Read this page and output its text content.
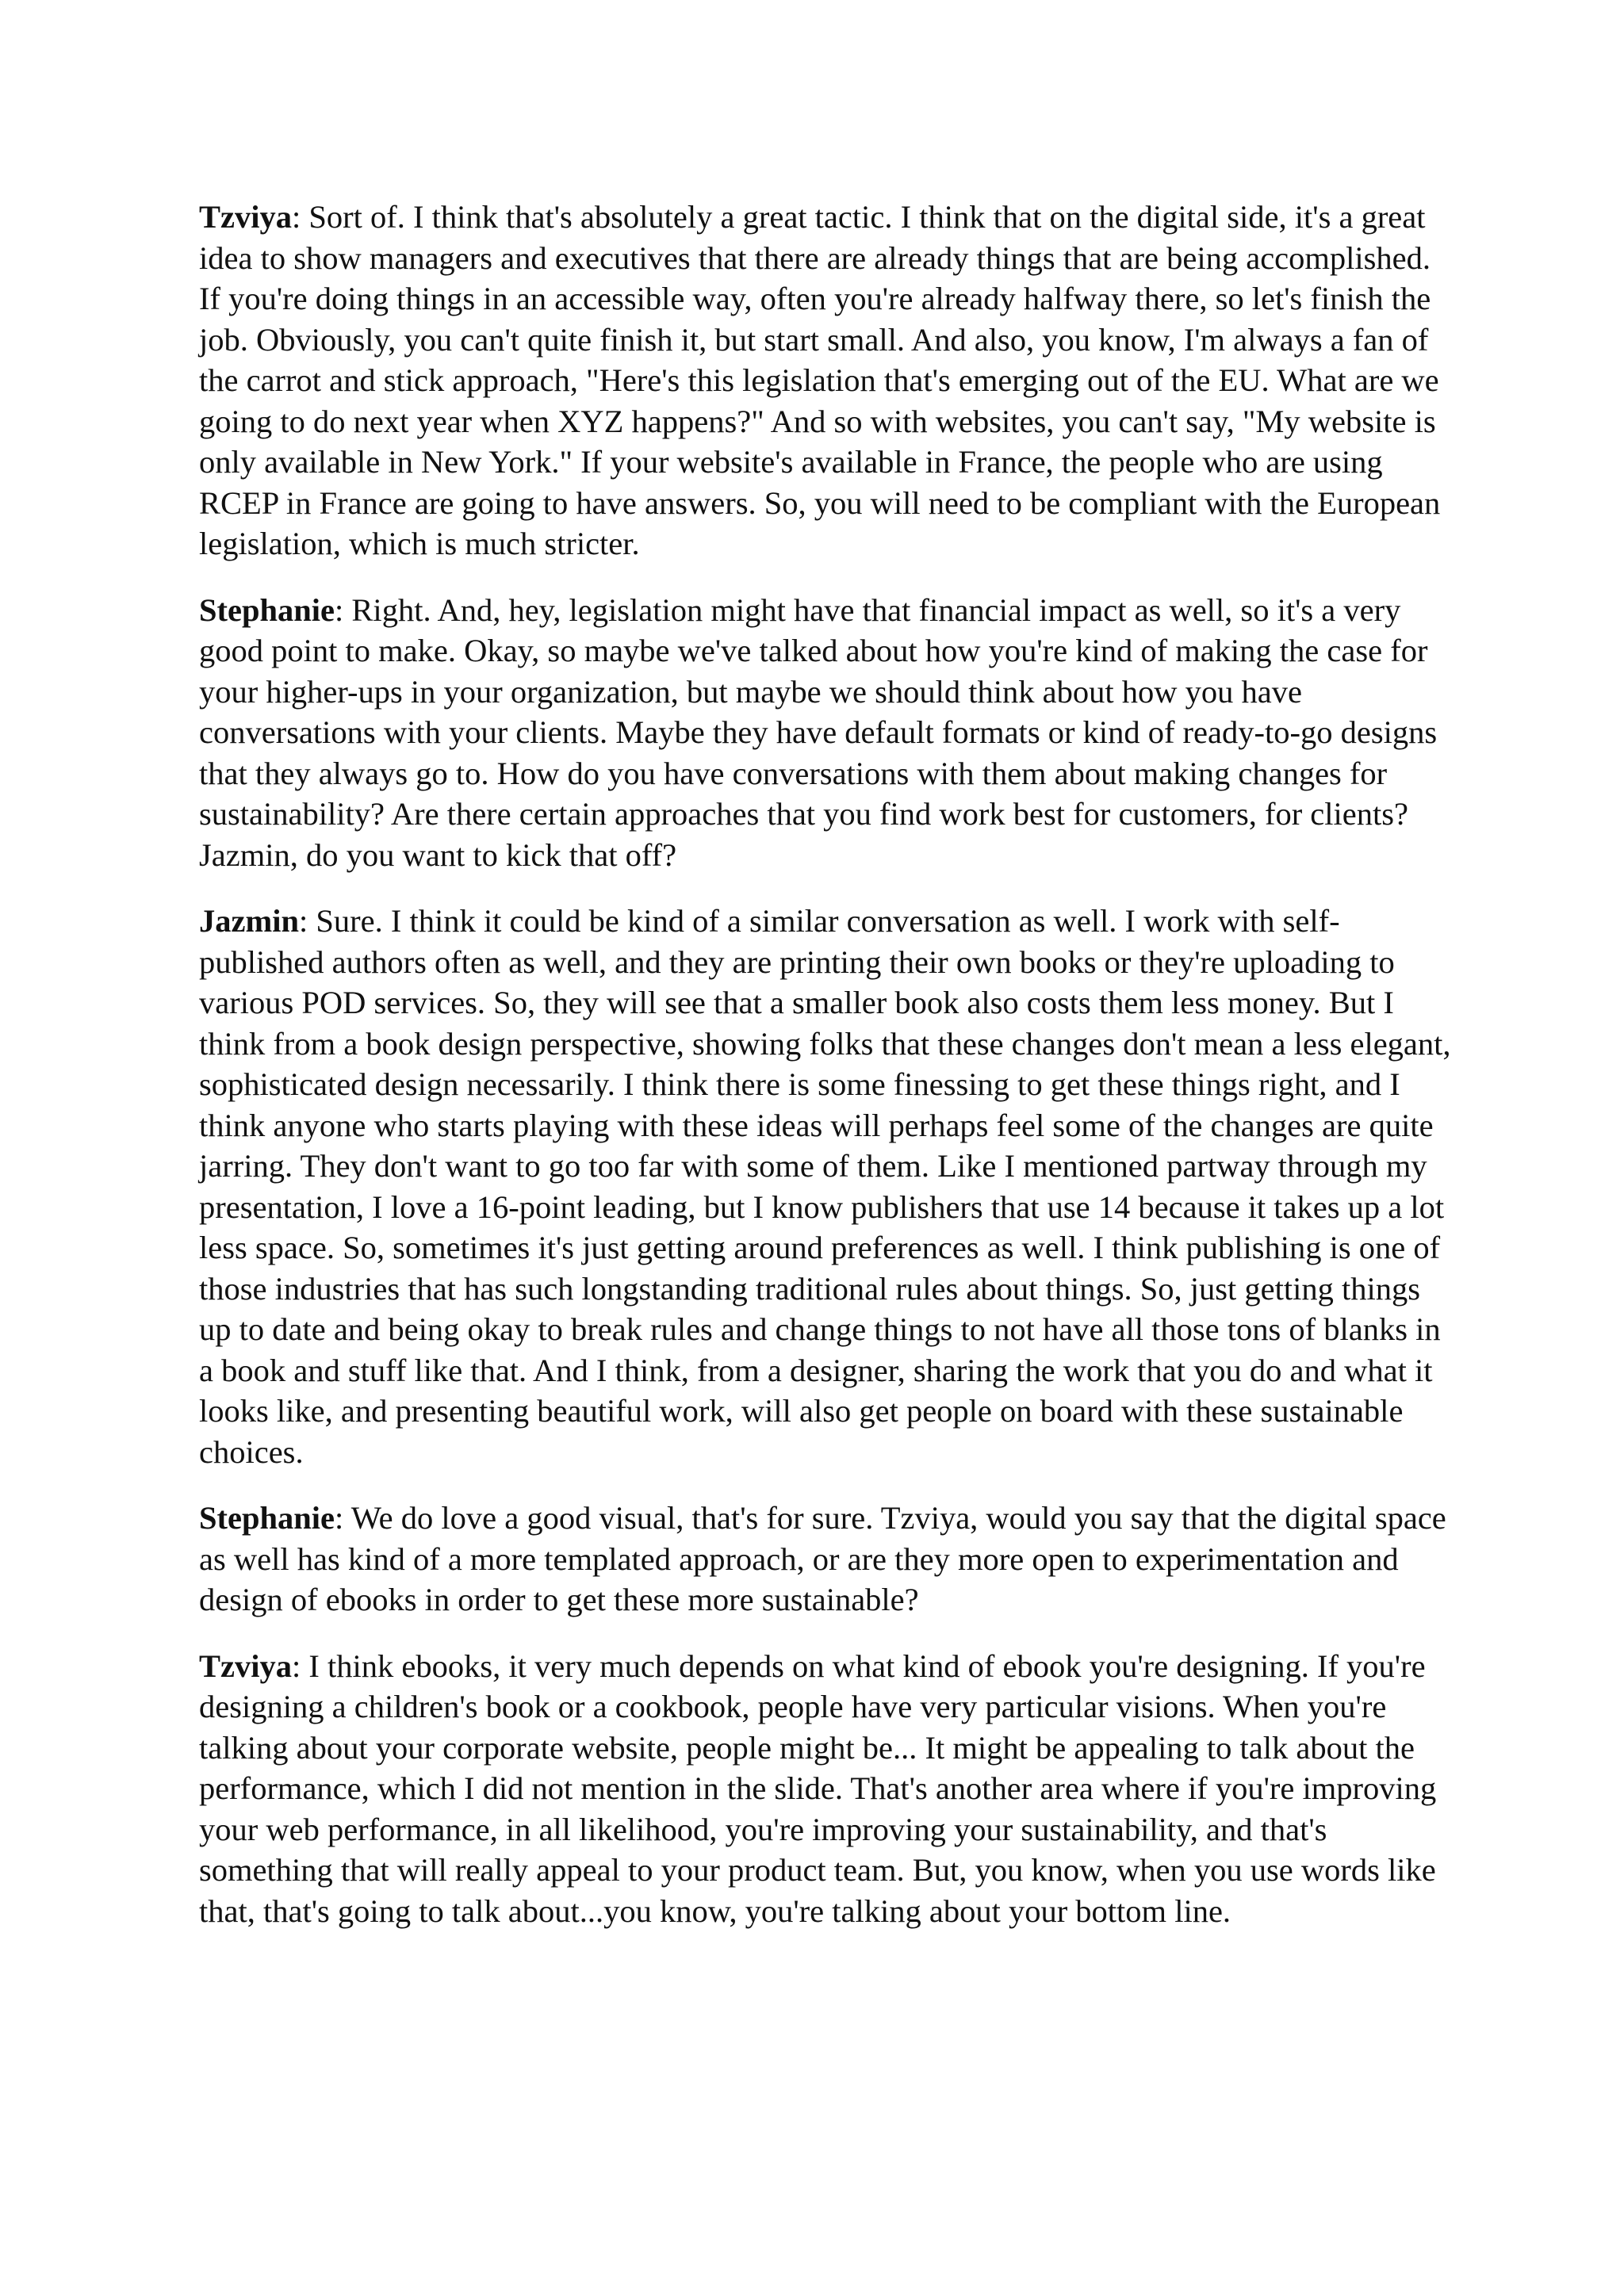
Tzviya: Sort of. I think that's absolutely a great tactic. I think that on the digital side, it's a great idea to show managers and executives that there are already things that are being accomplished. If you're doing things in an accessible way, often you're already halfway there, so let's finish the job. Obviously, you can't quite finish it, but start small. And also, you know, I'm always a fan of the carrot and stick approach, "Here's this legislation that's emerging out of the EU. What are we going to do next year when XYZ happens?" And so with websites, you can't say, "My website is only available in New York." If your website's available in France, the people who are using RCEP in France are going to have answers. So, you will need to be compliant with the European legislation, which is much stricter.

Stephanie: Right. And, hey, legislation might have that financial impact as well, so it's a very good point to make. Okay, so maybe we've talked about how you're kind of making the case for your higher-ups in your organization, but maybe we should think about how you have conversations with your clients. Maybe they have default formats or kind of ready-to-go designs that they always go to. How do you have conversations with them about making changes for sustainability? Are there certain approaches that you find work best for customers, for clients? Jazmin, do you want to kick that off?

Jazmin: Sure. I think it could be kind of a similar conversation as well. I work with self-published authors often as well, and they are printing their own books or they're uploading to various POD services. So, they will see that a smaller book also costs them less money. But I think from a book design perspective, showing folks that these changes don't mean a less elegant, sophisticated design necessarily. I think there is some finessing to get these things right, and I think anyone who starts playing with these ideas will perhaps feel some of the changes are quite jarring. They don't want to go too far with some of them. Like I mentioned partway through my presentation, I love a 16-point leading, but I know publishers that use 14 because it takes up a lot less space. So, sometimes it's just getting around preferences as well. I think publishing is one of those industries that has such longstanding traditional rules about things. So, just getting things up to date and being okay to break rules and change things to not have all those tons of blanks in a book and stuff like that. And I think, from a designer, sharing the work that you do and what it looks like, and presenting beautiful work, will also get people on board with these sustainable choices.

Stephanie: We do love a good visual, that's for sure. Tzviya, would you say that the digital space as well has kind of a more templated approach, or are they more open to experimentation and design of ebooks in order to get these more sustainable?

Tzviya: I think ebooks, it very much depends on what kind of ebook you're designing. If you're designing a children's book or a cookbook, people have very particular visions. When you're talking about your corporate website, people might be... It might be appealing to talk about the performance, which I did not mention in the slide. That's another area where if you're improving your web performance, in all likelihood, you're improving your sustainability, and that's something that will really appeal to your product team. But, you know, when you use words like that, that's going to talk about...you know, you're talking about your bottom line.
